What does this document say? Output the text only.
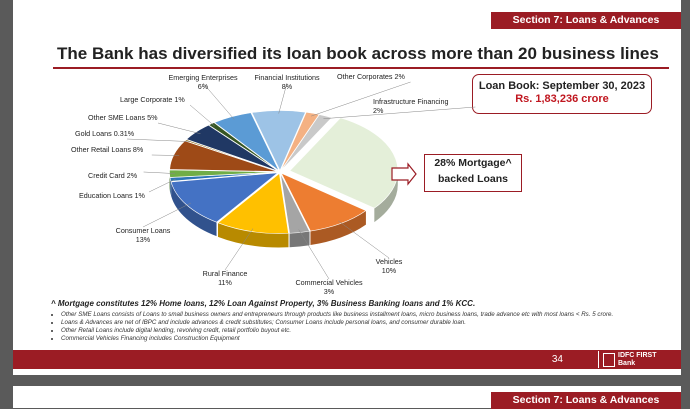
Section 7: Loans & Advances
The Bank has diversified its loan book across more than 20 business lines
Loan Book: September 30, 2023
Rs. 1,83,236 crore
28% Mortgage^
backed Loans
^ Mortgage constitutes 12% Home loans, 12% Loan Against Property, 3% Business Banking loans and 1% KCC.
• Other SME Loans consists of Loans to small business owners and entrepreneurs through products like business installment loans, micro business loans, trade advance etc with most loans < Rs. 5 crore.
• Loans & Advances are net of IBPC and include advances & credit substitutes; Consumer Loans include personal loans, and consumer durable loan.
• Other Retail Loans include digital lending, revolving credit, retail portfolio buyout etc.
• Commercial Vehicles Financing includes Construction Equipment
34	IDFC FIRST
Bank
Section 7: Loans & Advances
Vehicles 10%
Commercial Vehicles 3%
Rural Finance 11%
Consumer Loans 13%
Education Loans 1%
Credit Card 2%
Other Retail Loans 8%
Gold Loans 0.31%
Other SME Loans 5%
Large Corporate 1%
Emerging Enterprises 6%
Financial Institutions 8%
Other Corporates 2%
Infrastructure Financing 2%
